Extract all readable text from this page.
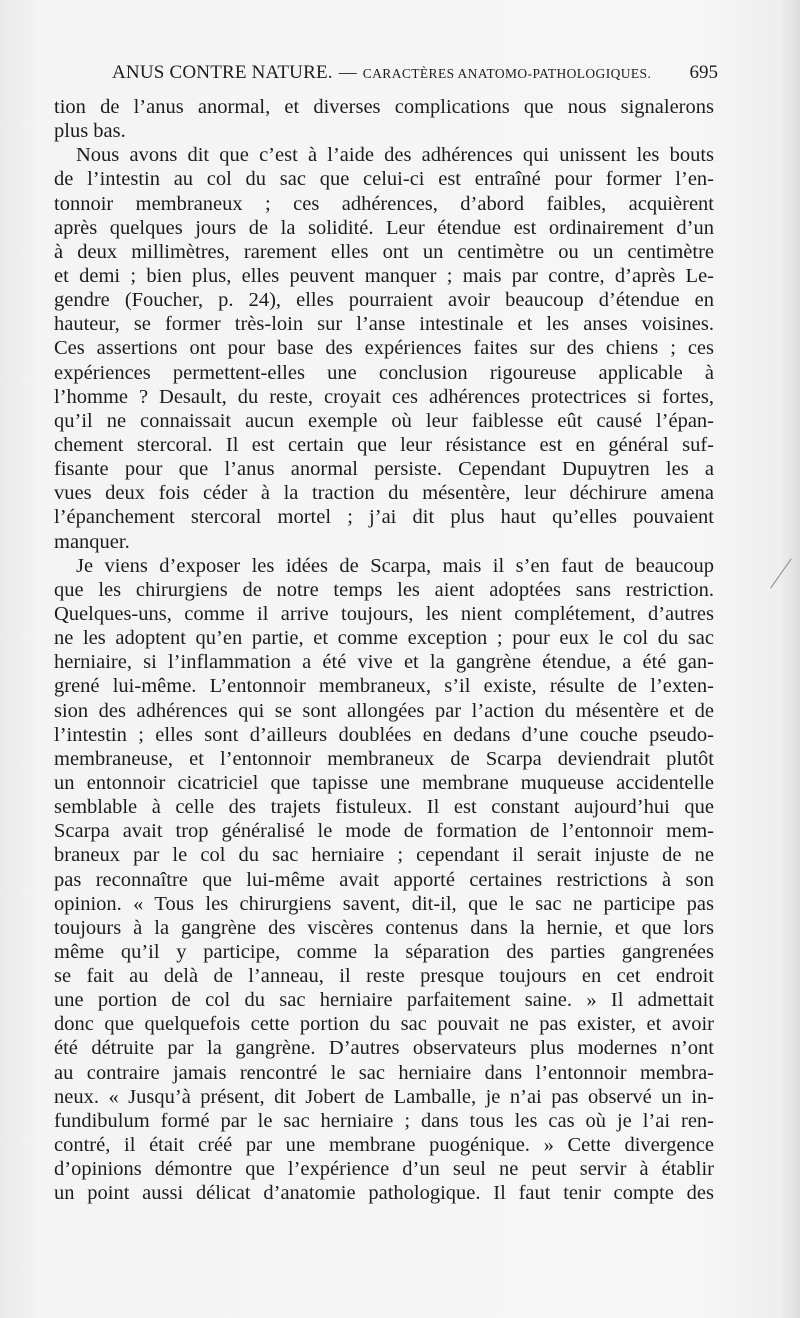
ANUS CONTRE NATURE. — CARACTÈRES ANATOMO-PATHOLOGIQUES. 695
tion de l’anus anormal, et diverses complications que nous signalerons
plus bas.
Nous avons dit que c’est à l’aide des adhérences qui unissent les bouts
de l’intestin au col du sac que celui-ci est entraîné pour former l’en-
tonnoir membraneux ; ces adhérences, d’abord faibles, acquièrent
après quelques jours de la solidité. Leur étendue est ordinairement d’un
à deux millimètres, rarement elles ont un centimètre ou un centimètre
et demi ; bien plus, elles peuvent manquer ; mais par contre, d’après Le-
gendre (Foucher, p. 24), elles pourraient avoir beaucoup d’étendue en
hauteur, se former très-loin sur l’anse intestinale et les anses voisines.
Ces assertions ont pour base des expériences faites sur des chiens ; ces
expériences permettent-elles une conclusion rigoureuse applicable à
l’homme ? Desault, du reste, croyait ces adhérences protectrices si fortes,
qu’il ne connaissait aucun exemple où leur faiblesse eût causé l’épan-
chement stercoral. Il est certain que leur résistance est en général suf-
fisante pour que l’anus anormal persiste. Cependant Dupuytren les a
vues deux fois céder à la traction du mésentère, leur déchirure amena
l’épanchement stercoral mortel ; j’ai dit plus haut qu’elles pouvaient
manquer.
Je viens d’exposer les idées de Scarpa, mais il s’en faut de beaucoup
que les chirurgiens de notre temps les aient adoptées sans restriction.
Quelques-uns, comme il arrive toujours, les nient complétement, d’autres
ne les adoptent qu’en partie, et comme exception ; pour eux le col du sac
herniaire, si l’inflammation a été vive et la gangrène étendue, a été gan-
grené lui-même. L’entonnoir membraneux, s’il existe, résulte de l’exten-
sion des adhérences qui se sont allongées par l’action du mésentère et de
l’intestin ; elles sont d’ailleurs doublées en dedans d’une couche pseudo-
membraneuse, et l’entonnoir membraneux de Scarpa deviendrait plutôt
un entonnoir cicatriciel que tapisse une membrane muqueuse accidentelle
semblable à celle des trajets fistuleux. Il est constant aujourd’hui que
Scarpa avait trop généralisé le mode de formation de l’entonnoir mem-
braneux par le col du sac herniaire ; cependant il serait injuste de ne
pas reconnaître que lui-même avait apporté certaines restrictions à son
opinion. « Tous les chirurgiens savent, dit-il, que le sac ne participe pas
toujours à la gangrène des viscères contenus dans la hernie, et que lors
même qu’il y participe, comme la séparation des parties gangrenées
se fait au delà de l’anneau, il reste presque toujours en cet endroit
une portion de col du sac herniaire parfaitement saine. » Il admettait
donc que quelquefois cette portion du sac pouvait ne pas exister, et avoir
été détruite par la gangrène. D’autres observateurs plus modernes n’ont
au contraire jamais rencontré le sac herniaire dans l’entonnoir membra-
neux. « Jusqu’à présent, dit Jobert de Lamballe, je n’ai pas observé un in-
fundibulum formé par le sac herniaire ; dans tous les cas où je l’ai ren-
contré, il était créé par une membrane puogénique. » Cette divergence
d’opinions démontre que l’expérience d’un seul ne peut servir à établir
un point aussi délicat d’anatomie pathologique. Il faut tenir compte des
